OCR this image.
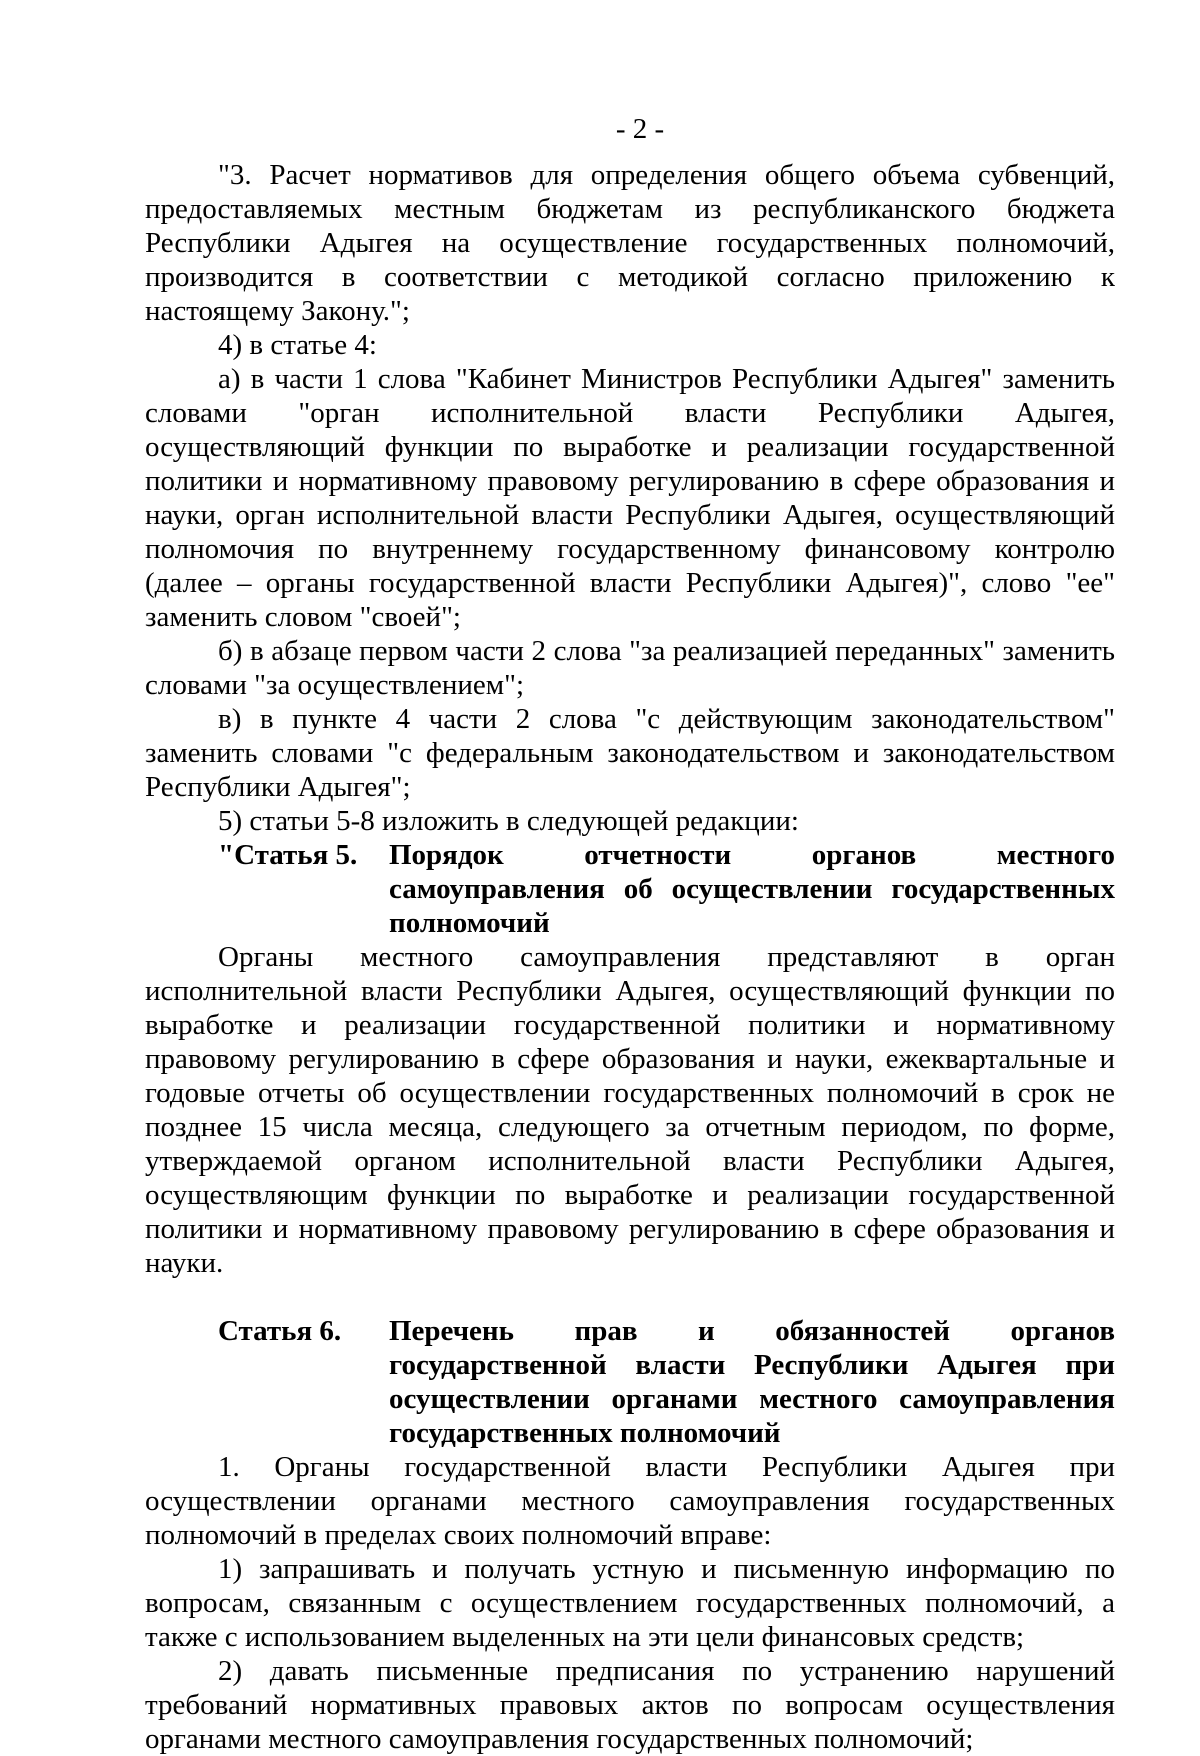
- 2 -

"3. Расчет нормативов для определения общего объема субвенций, предоставляемых местным бюджетам из республиканского бюджета Республики Адыгея на осуществление государственных полномочий, производится в соответствии с методикой согласно приложению к настоящему Закону.";

4) в статье 4:

а) в части 1 слова "Кабинет Министров Республики Адыгея" заменить словами "орган исполнительной власти Республики Адыгея, осуществляющий функции по выработке и реализации государственной политики и нормативному правовому регулированию в сфере образования и науки, орган исполнительной власти Республики Адыгея, осуществляющий полномочия по внутреннему государственному финансовому контролю (далее – органы государственной власти Республики Адыгея)", слово "ее" заменить словом "своей";

б) в абзаце первом части 2 слова "за реализацией переданных" заменить словами "за осуществлением";

в) в пункте 4 части 2 слова "с действующим законодательством" заменить словами "с федеральным законодательством и законодательством Республики Адыгея";

5) статьи 5-8 изложить в следующей редакции:

"Статья 5.	Порядок отчетности органов местного самоуправления об осуществлении государственных полномочий

Органы местного самоуправления представляют в орган исполнительной власти Республики Адыгея, осуществляющий функции по выработке и реализации государственной политики и нормативному правовому регулированию в сфере образования и науки, ежеквартальные и годовые отчеты об осуществлении государственных полномочий в срок не позднее 15 числа месяца, следующего за отчетным периодом, по форме, утверждаемой органом исполнительной власти Республики Адыгея, осуществляющим функции по выработке и реализации государственной политики и нормативному правовому регулированию в сфере образования и науки.

Статья 6.	Перечень прав и обязанностей органов государственной власти Республики Адыгея при осуществлении органами местного самоуправления государственных полномочий

1. Органы государственной власти Республики Адыгея при осуществлении органами местного самоуправления государственных полномочий в пределах своих полномочий вправе:

1) запрашивать и получать устную и письменную информацию по вопросам, связанным с осуществлением государственных полномочий, а также с использованием выделенных на эти цели финансовых средств;

2) давать письменные предписания по устранению нарушений требований нормативных правовых актов по вопросам осуществления органами местного самоуправления государственных полномочий;
